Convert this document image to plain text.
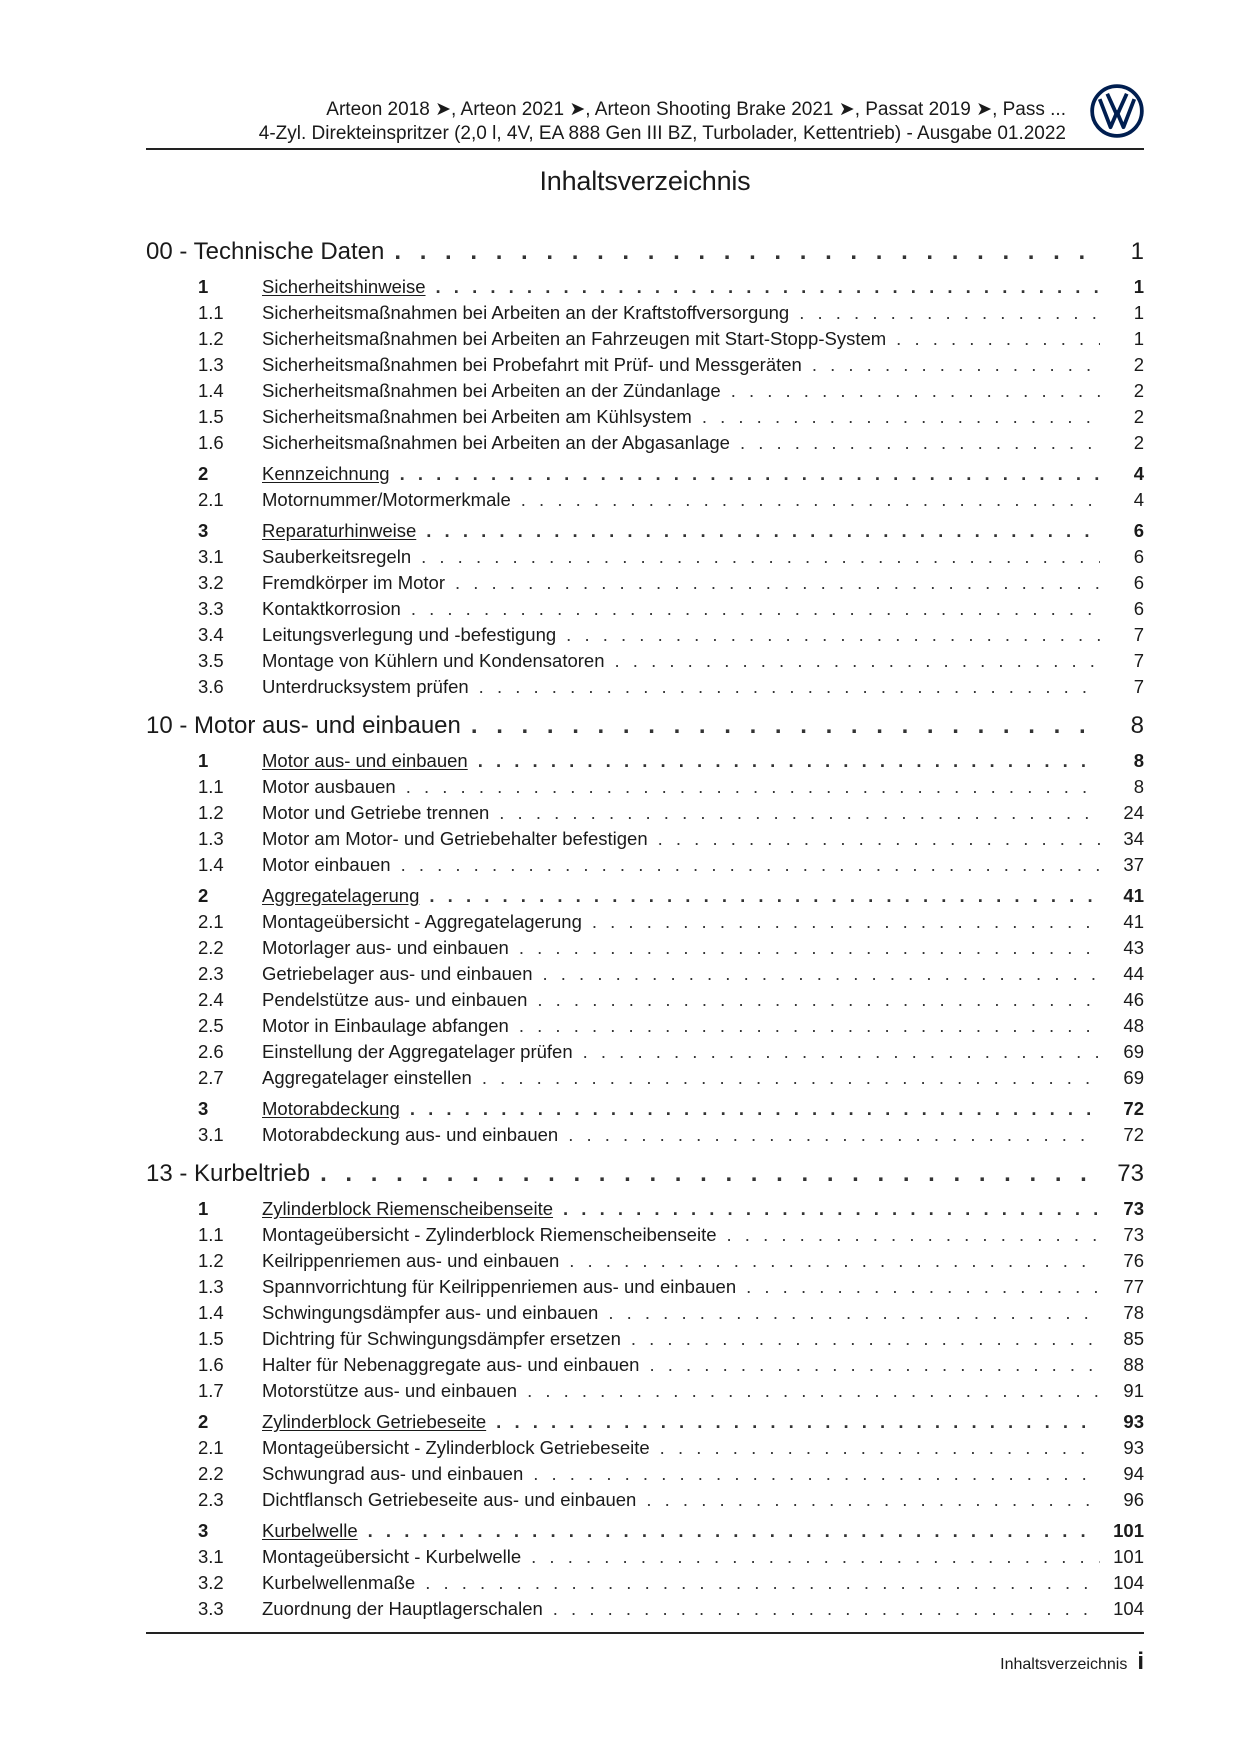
Arteon 2018 ➤, Arteon 2021 ➤, Arteon Shooting Brake 2021 ➤, Passat 2019 ➤, Pass ...
4-Zyl. Direkteinspritzer (2,0 l, 4V, EA 888 Gen III BZ, Turbolader, Kettentrieb) - Ausgabe 01.2022
Inhaltsverzeichnis
00 - Technische Daten . . .	1
1	Sicherheitshinweise . . .	1
1.1	Sicherheitsmaßnahmen bei Arbeiten an der Kraftstoffversorgung . . .	1
1.2	Sicherheitsmaßnahmen bei Arbeiten an Fahrzeugen mit Start-Stopp-System . . .	1
1.3	Sicherheitsmaßnahmen bei Probefahrt mit Prüf- und Messgeräten . . .	2
1.4	Sicherheitsmaßnahmen bei Arbeiten an der Zündanlage . . .	2
1.5	Sicherheitsmaßnahmen bei Arbeiten am Kühlsystem . . .	2
1.6	Sicherheitsmaßnahmen bei Arbeiten an der Abgasanlage . . .	2
2	Kennzeichnung . . .	4
2.1	Motornummer/Motormerkmale . . .	4
3	Reparaturhinweise . . .	6
3.1	Sauberkeitsregeln . . .	6
3.2	Fremdkörper im Motor . . .	6
3.3	Kontaktkorrosion . . .	6
3.4	Leitungsverlegung und -befestigung . . .	7
3.5	Montage von Kühlern und Kondensatoren . . .	7
3.6	Unterdrucksystem prüfen . . .	7
10 - Motor aus- und einbauen . . .	8
1	Motor aus- und einbauen . . .	8
1.1	Motor ausbauen . . .	8
1.2	Motor und Getriebe trennen . . .	24
1.3	Motor am Motor- und Getriebehalter befestigen . . .	34
1.4	Motor einbauen . . .	37
2	Aggregatelagerung . . .	41
2.1	Montageübersicht - Aggregatelagerung . . .	41
2.2	Motorlager aus- und einbauen . . .	43
2.3	Getriebelager aus- und einbauen . . .	44
2.4	Pendelstütze aus- und einbauen . . .	46
2.5	Motor in Einbaulage abfangen . . .	48
2.6	Einstellung der Aggregatelager prüfen . . .	69
2.7	Aggregatelager einstellen . . .	69
3	Motorabdeckung . . .	72
3.1	Motorabdeckung aus- und einbauen . . .	72
13 - Kurbeltrieb . . .	73
1	Zylinderblock Riemenscheibenseite . . .	73
1.1	Montageübersicht - Zylinderblock Riemenscheibenseite . . .	73
1.2	Keilrippenriemen aus- und einbauen . . .	76
1.3	Spannvorrichtung für Keilrippenriemen aus- und einbauen . . .	77
1.4	Schwingungsdämpfer aus- und einbauen . . .	78
1.5	Dichtring für Schwingungsdämpfer ersetzen . . .	85
1.6	Halter für Nebenaggregate aus- und einbauen . . .	88
1.7	Motorstütze aus- und einbauen . . .	91
2	Zylinderblock Getriebeseite . . .	93
2.1	Montageübersicht - Zylinderblock Getriebeseite . . .	93
2.2	Schwungrad aus- und einbauen . . .	94
2.3	Dichtflansch Getriebeseite aus- und einbauen . . .	96
3	Kurbelwelle . . .	101
3.1	Montageübersicht - Kurbelwelle . . .	101
3.2	Kurbelwellenmaße . . .	104
3.3	Zuordnung der Hauptlagerschalen . . .	104
Inhaltsverzeichnis i
